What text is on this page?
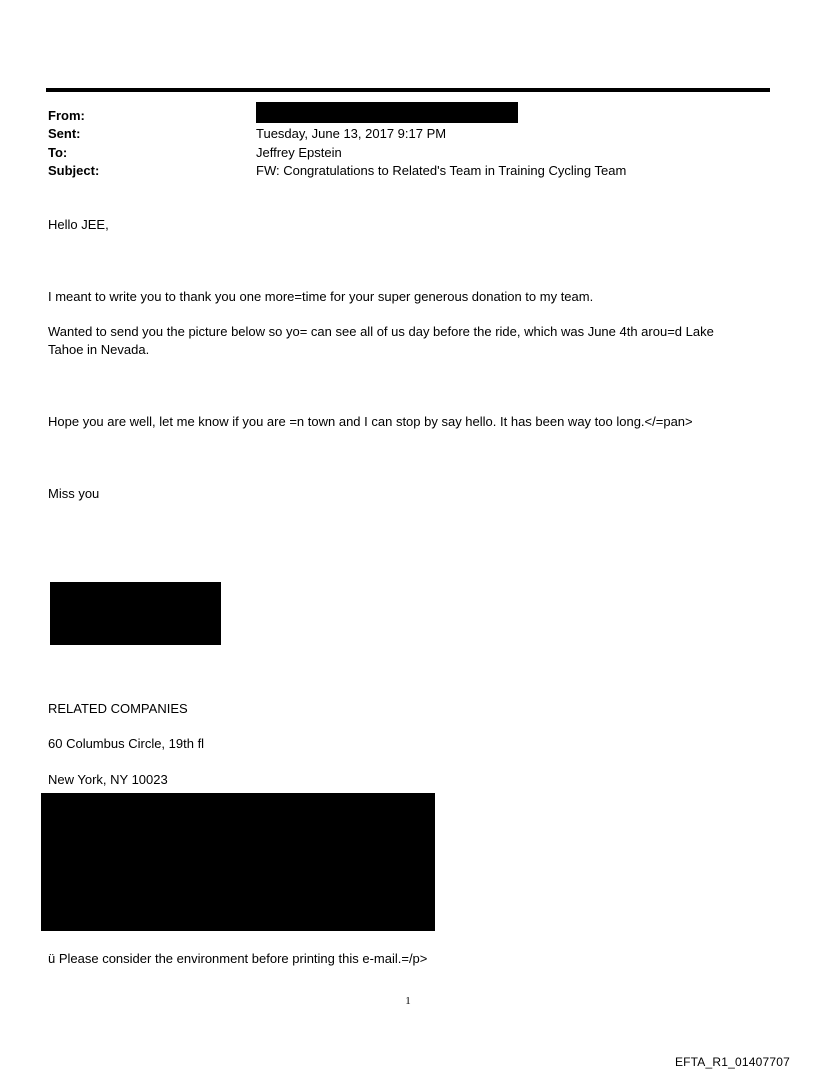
From:
Sent:	Tuesday, June 13, 2017 9:17 PM
To:	Jeffrey Epstein
Subject:	FW: Congratulations to Related's Team in Training Cycling Team
Hello JEE,
I meant to write you to thank you one more=time for your super generous donation to my team.
Wanted to send you the picture below so yo= can see all of us day before the ride, which was June 4th arou=d Lake Tahoe in Nevada.
Hope you are well, let me know if you are =n town and I can stop by say hello. It has been way too long.</=pan>
Miss you
RELATED COMPANIES
60 Columbus Circle, 19th fl
New York, NY 10023
ü Please consider the environment before printing this e-mail.=/p>
1
EFTA_R1_01407707
